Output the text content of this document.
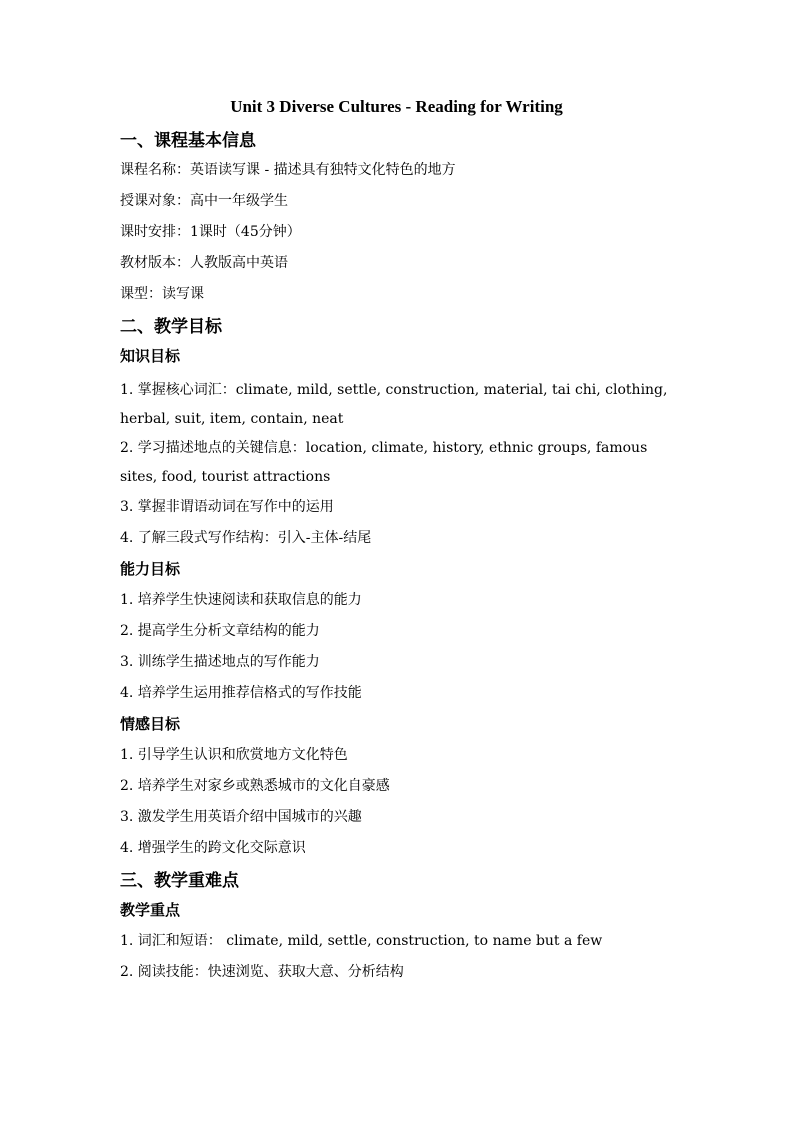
Unit 3 Diverse Cultures - Reading for Writing
一、课程基本信息
课程名称：英语读写课 - 描述具有独特文化特色的地方
授课对象：高中一年级学生
课时安排：1课时（45分钟）
教材版本：人教版高中英语
课型：读写课
二、教学目标
知识目标
1. 掌握核心词汇：climate, mild, settle, construction, material, tai chi, clothing, herbal, suit, item, contain, neat
2. 学习描述地点的关键信息：location, climate, history, ethnic groups, famous sites, food, tourist attractions
3. 掌握非谓语动词在写作中的运用
4. 了解三段式写作结构：引入-主体-结尾
能力目标
1. 培养学生快速阅读和获取信息的能力
2. 提高学生分析文章结构的能力
3. 训练学生描述地点的写作能力
4. 培养学生运用推荐信格式的写作技能
情感目标
1. 引导学生认识和欣赏地方文化特色
2. 培养学生对家乡或熟悉城市的文化自豪感
3. 激发学生用英语介绍中国城市的兴趣
4. 增强学生的跨文化交际意识
三、教学重难点
教学重点
1. 词汇和短语： climate, mild, settle, construction, to name but a few
2. 阅读技能：快速浏览、获取大意、分析结构
